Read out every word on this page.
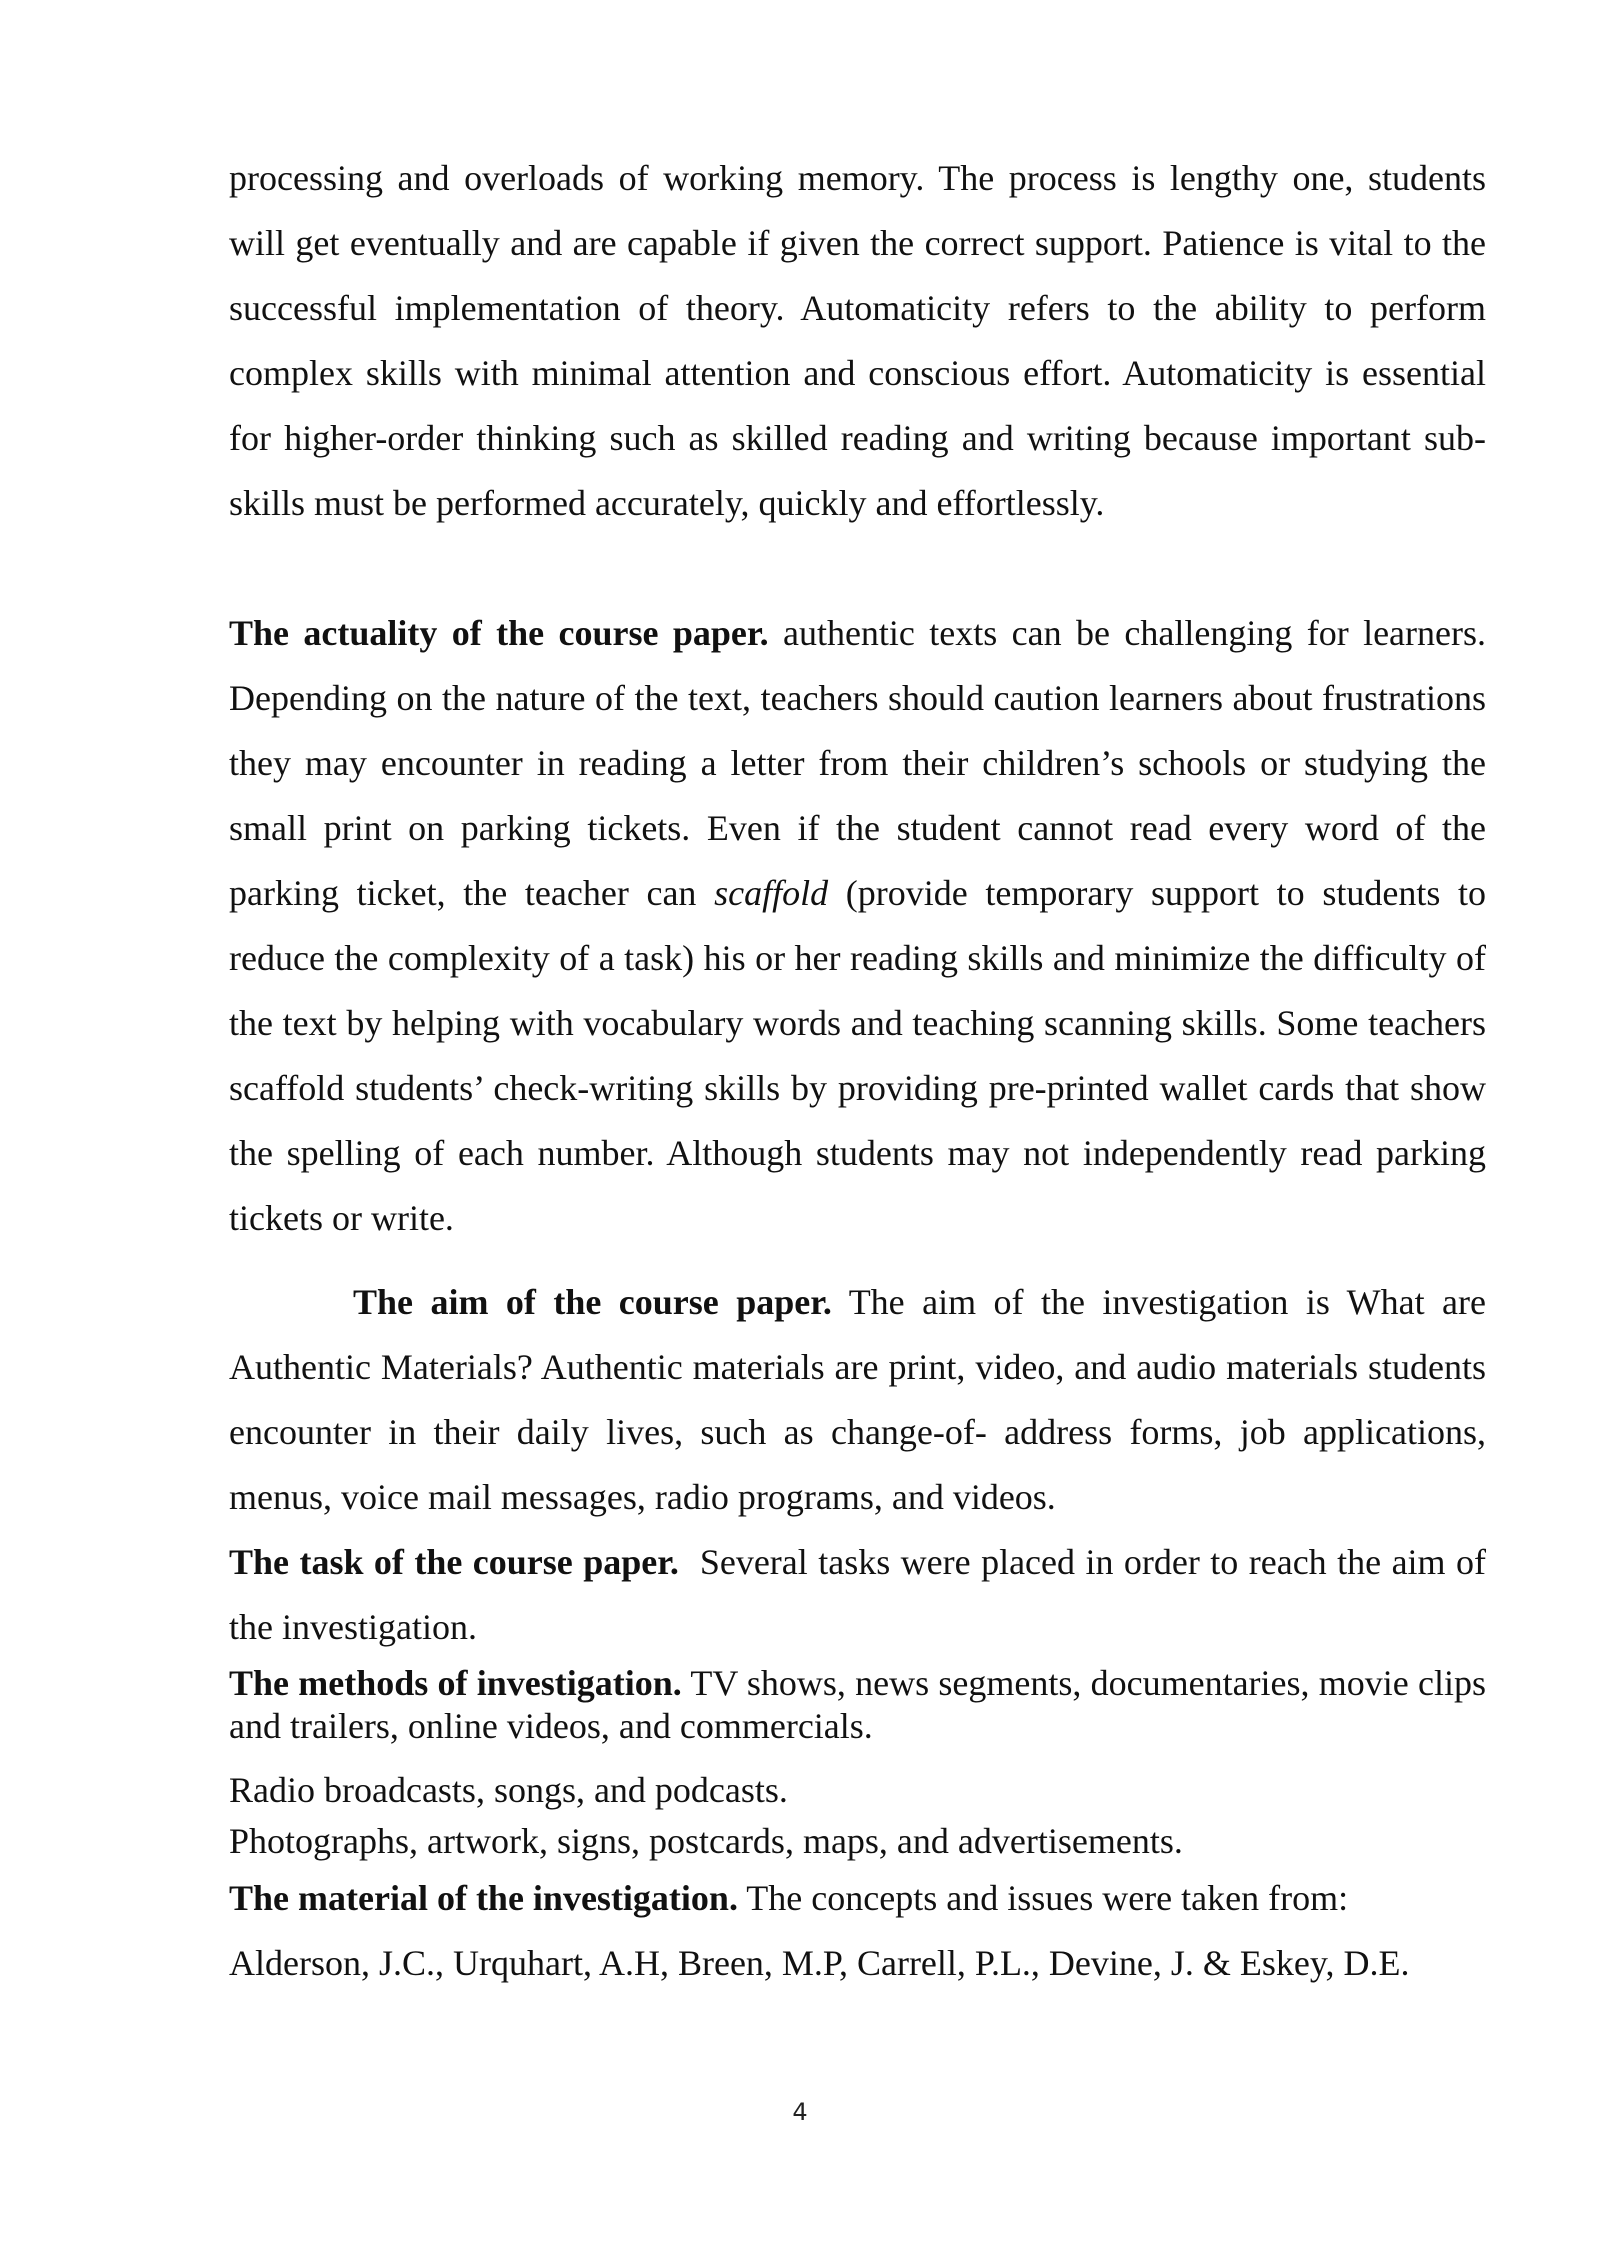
processing and overloads of working memory. The process is lengthy one, students will get eventually and are capable if given the correct support. Patience is vital to the successful implementation of theory. Automaticity refers to the ability to perform complex skills with minimal attention and conscious effort. Automaticity is essential for higher-order thinking such as skilled reading and writing because important sub-skills must be performed accurately, quickly and effortlessly.

The actuality of the course paper. authentic texts can be challenging for learners. Depending on the nature of the text, teachers should caution learners about frustrations they may encounter in reading a letter from their children’s schools or studying the small print on parking tickets. Even if the student cannot read every word of the parking ticket, the teacher can scaffold (provide temporary support to students to reduce the complexity of a task) his or her reading skills and minimize the difficulty of the text by helping with vocabulary words and teaching scanning skills. Some teachers scaffold students’ check-writing skills by providing pre-printed wallet cards that show the spelling of each number. Although students may not independently read parking tickets or write.

The aim of the course paper. The aim of the investigation is What are Authentic Materials? Authentic materials are print, video, and audio materials students encounter in their daily lives, such as change-of- address forms, job applications, menus, voice mail messages, radio programs, and videos.
The task of the course paper.  Several tasks were placed in order to reach the aim of the investigation.

The methods of investigation. TV shows, news segments, documentaries, movie clips and trailers, online videos, and commercials.

Radio broadcasts, songs, and podcasts.

Photographs, artwork, signs, postcards, maps, and advertisements.

The material of the investigation. The concepts and issues were taken from:

Alderson, J.C., Urquhart, A.H, Breen, M.P, Carrell, P.L., Devine, J. & Eskey, D.E.

4
